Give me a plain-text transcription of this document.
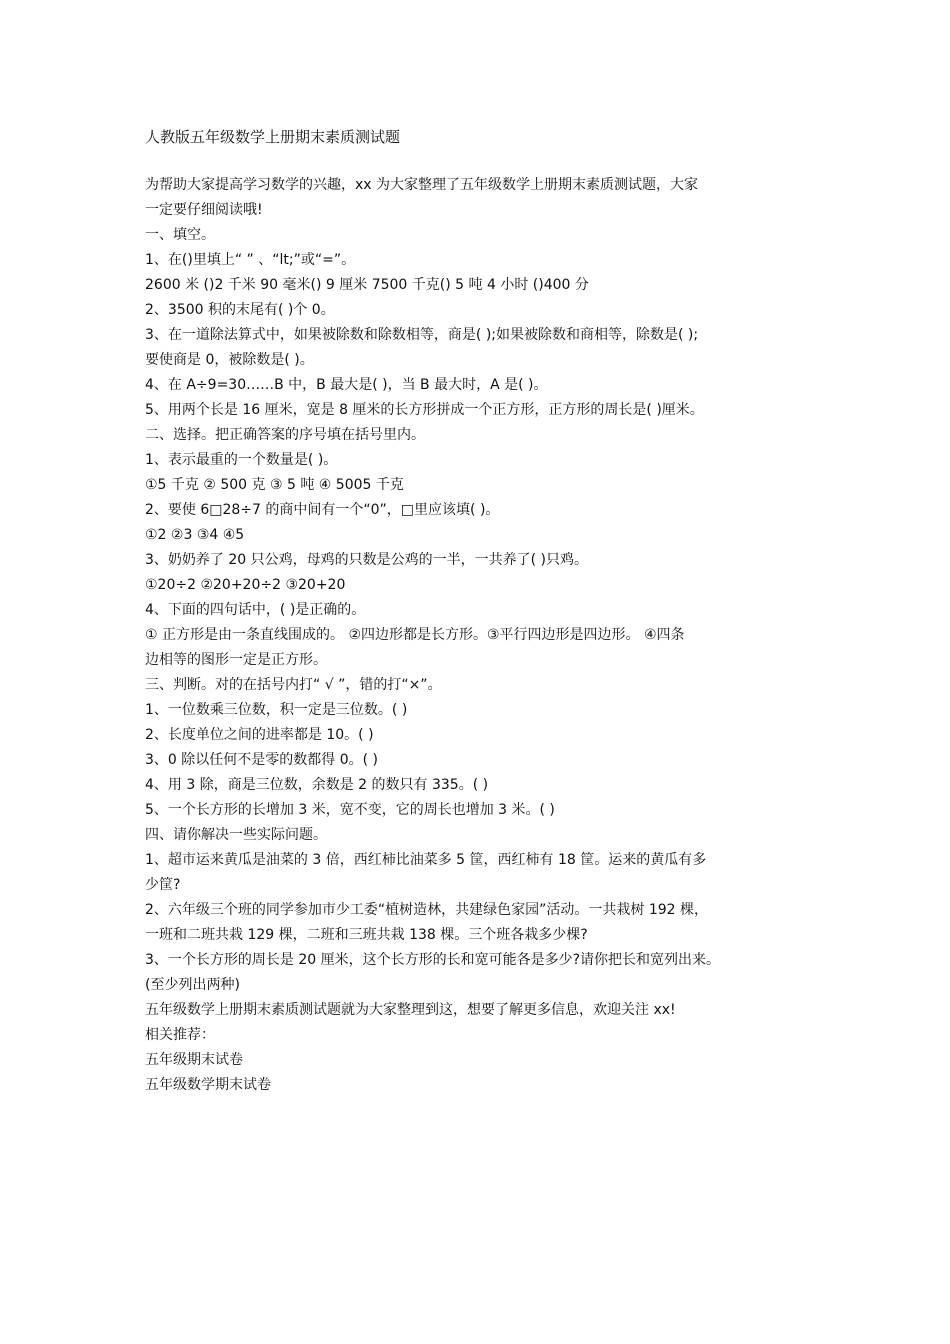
人教版五年级数学上册期末素质测试题

为帮助大家提高学习数学的兴趣，xx 为大家整理了五年级数学上册期末素质测试题，大家

一定要仔细阅读哦!

一、填空。

1、在()里填上“ ” 、“lt;”或“=”。

2600 米 ()2 千米 90 毫米() 9 厘米 7500 千克() 5 吨 4 小时 ()400 分

2、3500 积的末尾有( )个 0。

3、在一道除法算式中，如果被除数和除数相等，商是( );如果被除数和商相等，除数是( );

要使商是 0，被除数是( )。

4、在 A÷9=30……B 中，B 最大是( )，当 B 最大时，A 是( )。

5、用两个长是 16 厘米，宽是 8 厘米的长方形拼成一个正方形，正方形的周长是( )厘米。

二、选择。把正确答案的序号填在括号里内。

1、表示最重的一个数量是( )。

①5 千克 ② 500 克 ③ 5 吨 ④ 5005 千克

2、要使 6□28÷7 的商中间有一个“0”，□里应该填( )。

①2 ②3 ③4 ④5

3、奶奶养了 20 只公鸡，母鸡的只数是公鸡的一半，一共养了( )只鸡。

①20÷2 ②20+20÷2 ③20+20

4、下面的四句话中，( )是正确的。

① 正方形是由一条直线围成的。 ②四边形都是长方形。③平行四边形是四边形。 ④四条

边相等的图形一定是正方形。

三、判断。对的在括号内打“ √ ”，错的打“×”。

1、一位数乘三位数，积一定是三位数。( )

2、长度单位之间的进率都是 10。( )

3、0 除以任何不是零的数都得 0。( )

4、用 3 除，商是三位数，余数是 2 的数只有 335。( )

5、一个长方形的长增加 3 米，宽不变，它的周长也增加 3 米。( )

四、请你解决一些实际问题。

1、超市运来黄瓜是油菜的 3 倍，西红柿比油菜多 5 筐，西红柿有 18 筐。运来的黄瓜有多

少筐?

2、六年级三个班的同学参加市少工委“植树造林，共建绿色家园”活动。一共栽树 192 棵，

一班和二班共栽 129 棵，二班和三班共栽 138 棵。三个班各栽多少棵?

3、一个长方形的周长是 20 厘米，这个长方形的长和宽可能各是多少?请你把长和宽列出来。

(至少列出两种)

五年级数学上册期末素质测试题就为大家整理到这，想要了解更多信息，欢迎关注 xx!

相关推荐：

五年级期末试卷

五年级数学期末试卷
